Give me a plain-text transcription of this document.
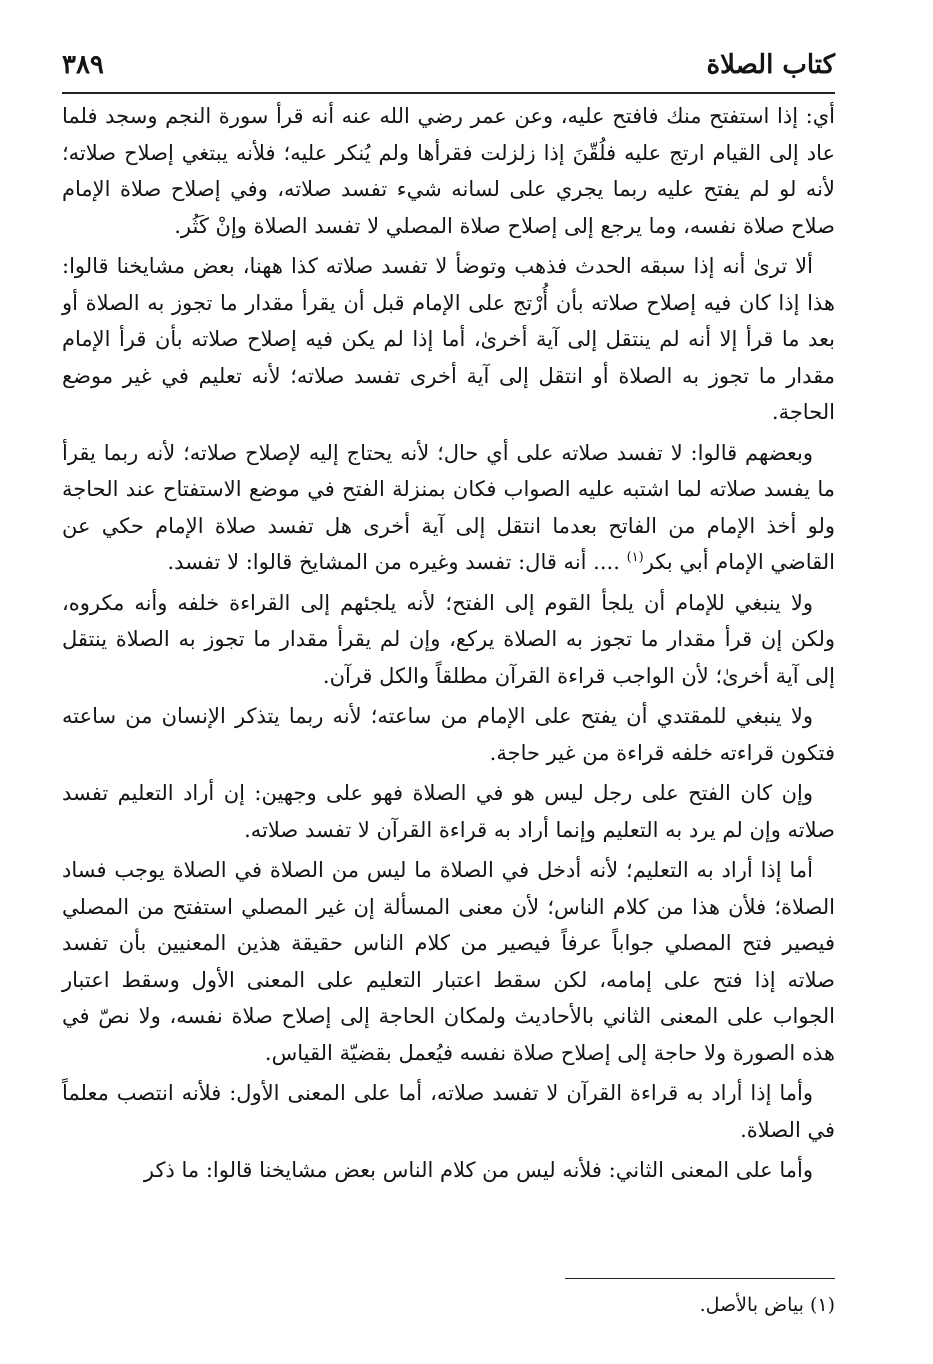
كتاب الصلاة
٣٨٩

أي: إذا استفتح منك فافتح عليه، وعن عمر رضي الله عنه أنه قرأ سورة النجم وسجد فلما عاد إلى القيام ارتج عليه فلُقّنَ إذا زلزلت فقرأها ولم يُنكر عليه؛ فلأنه يبتغي إصلاح صلاته؛ لأنه لو لم يفتح عليه ربما يجري على لسانه شيء تفسد صلاته، وفي إصلاح صلاة الإمام صلاح صلاة نفسه، وما يرجع إلى إصلاح صلاة المصلي لا تفسد الصلاة وإنْ كَثُر.

ألا ترىٰ أنه إذا سبقه الحدث فذهب وتوضأ لا تفسد صلاته كذا ههنا، بعض مشايخنا قالوا: هذا إذا كان فيه إصلاح صلاته بأن أُرْتج على الإمام قبل أن يقرأ مقدار ما تجوز به الصلاة أو بعد ما قرأ إلا أنه لم ينتقل إلى آية أخرىٰ، أما إذا لم يكن فيه إصلاح صلاته بأن قرأ الإمام مقدار ما تجوز به الصلاة أو انتقل إلى آية أخرى تفسد صلاته؛ لأنه تعليم في غير موضع الحاجة.

وبعضهم قالوا: لا تفسد صلاته على أي حال؛ لأنه يحتاج إليه لإصلاح صلاته؛ لأنه ربما يقرأ ما يفسد صلاته لما اشتبه عليه الصواب فكان بمنزلة الفتح في موضع الاستفتاح عند الحاجة ولو أخذ الإمام من الفاتح بعدما انتقل إلى آية أخرى هل تفسد صلاة الإمام حكي عن القاضي الإمام أبي بكر$^{(١)}$ .... أنه قال: تفسد وغيره من المشايخ قالوا: لا تفسد.

ولا ينبغي للإمام أن يلجأ القوم إلى الفتح؛ لأنه يلجئهم إلى القراءة خلفه وأنه مكروه، ولكن إن قرأ مقدار ما تجوز به الصلاة يركع، وإن لم يقرأ مقدار ما تجوز به الصلاة ينتقل إلى آية أخرىٰ؛ لأن الواجب قراءة القرآن مطلقاً والكل قرآن.

ولا ينبغي للمقتدي أن يفتح على الإمام من ساعته؛ لأنه ربما يتذكر الإنسان من ساعته فتكون قراءته خلفه قراءة من غير حاجة.

وإن كان الفتح على رجل ليس هو في الصلاة فهو على وجهين: إن أراد التعليم تفسد صلاته وإن لم يرد به التعليم وإنما أراد به قراءة القرآن لا تفسد صلاته.

أما إذا أراد به التعليم؛ لأنه أدخل في الصلاة ما ليس من الصلاة في الصلاة يوجب فساد الصلاة؛ فلأن هذا من كلام الناس؛ لأن معنى المسألة إن غير المصلي استفتح من المصلي فيصير فتح المصلي جواباً عرفاً فيصير من كلام الناس حقيقة هذين المعنيين بأن تفسد صلاته إذا فتح على إمامه، لكن سقط اعتبار التعليم على المعنى الأول وسقط اعتبار الجواب على المعنى الثاني بالأحاديث ولمكان الحاجة إلى إصلاح صلاة نفسه، ولا نصّ في هذه الصورة ولا حاجة إلى إصلاح صلاة نفسه فيُعمل بقضيّة القياس.

وأما إذا أراد به قراءة القرآن لا تفسد صلاته، أما على المعنى الأول: فلأنه انتصب معلماً في الصلاة.

وأما على المعنى الثاني: فلأنه ليس من كلام الناس بعض مشايخنا قالوا: ما ذكر

(١) بياض بالأصل.
